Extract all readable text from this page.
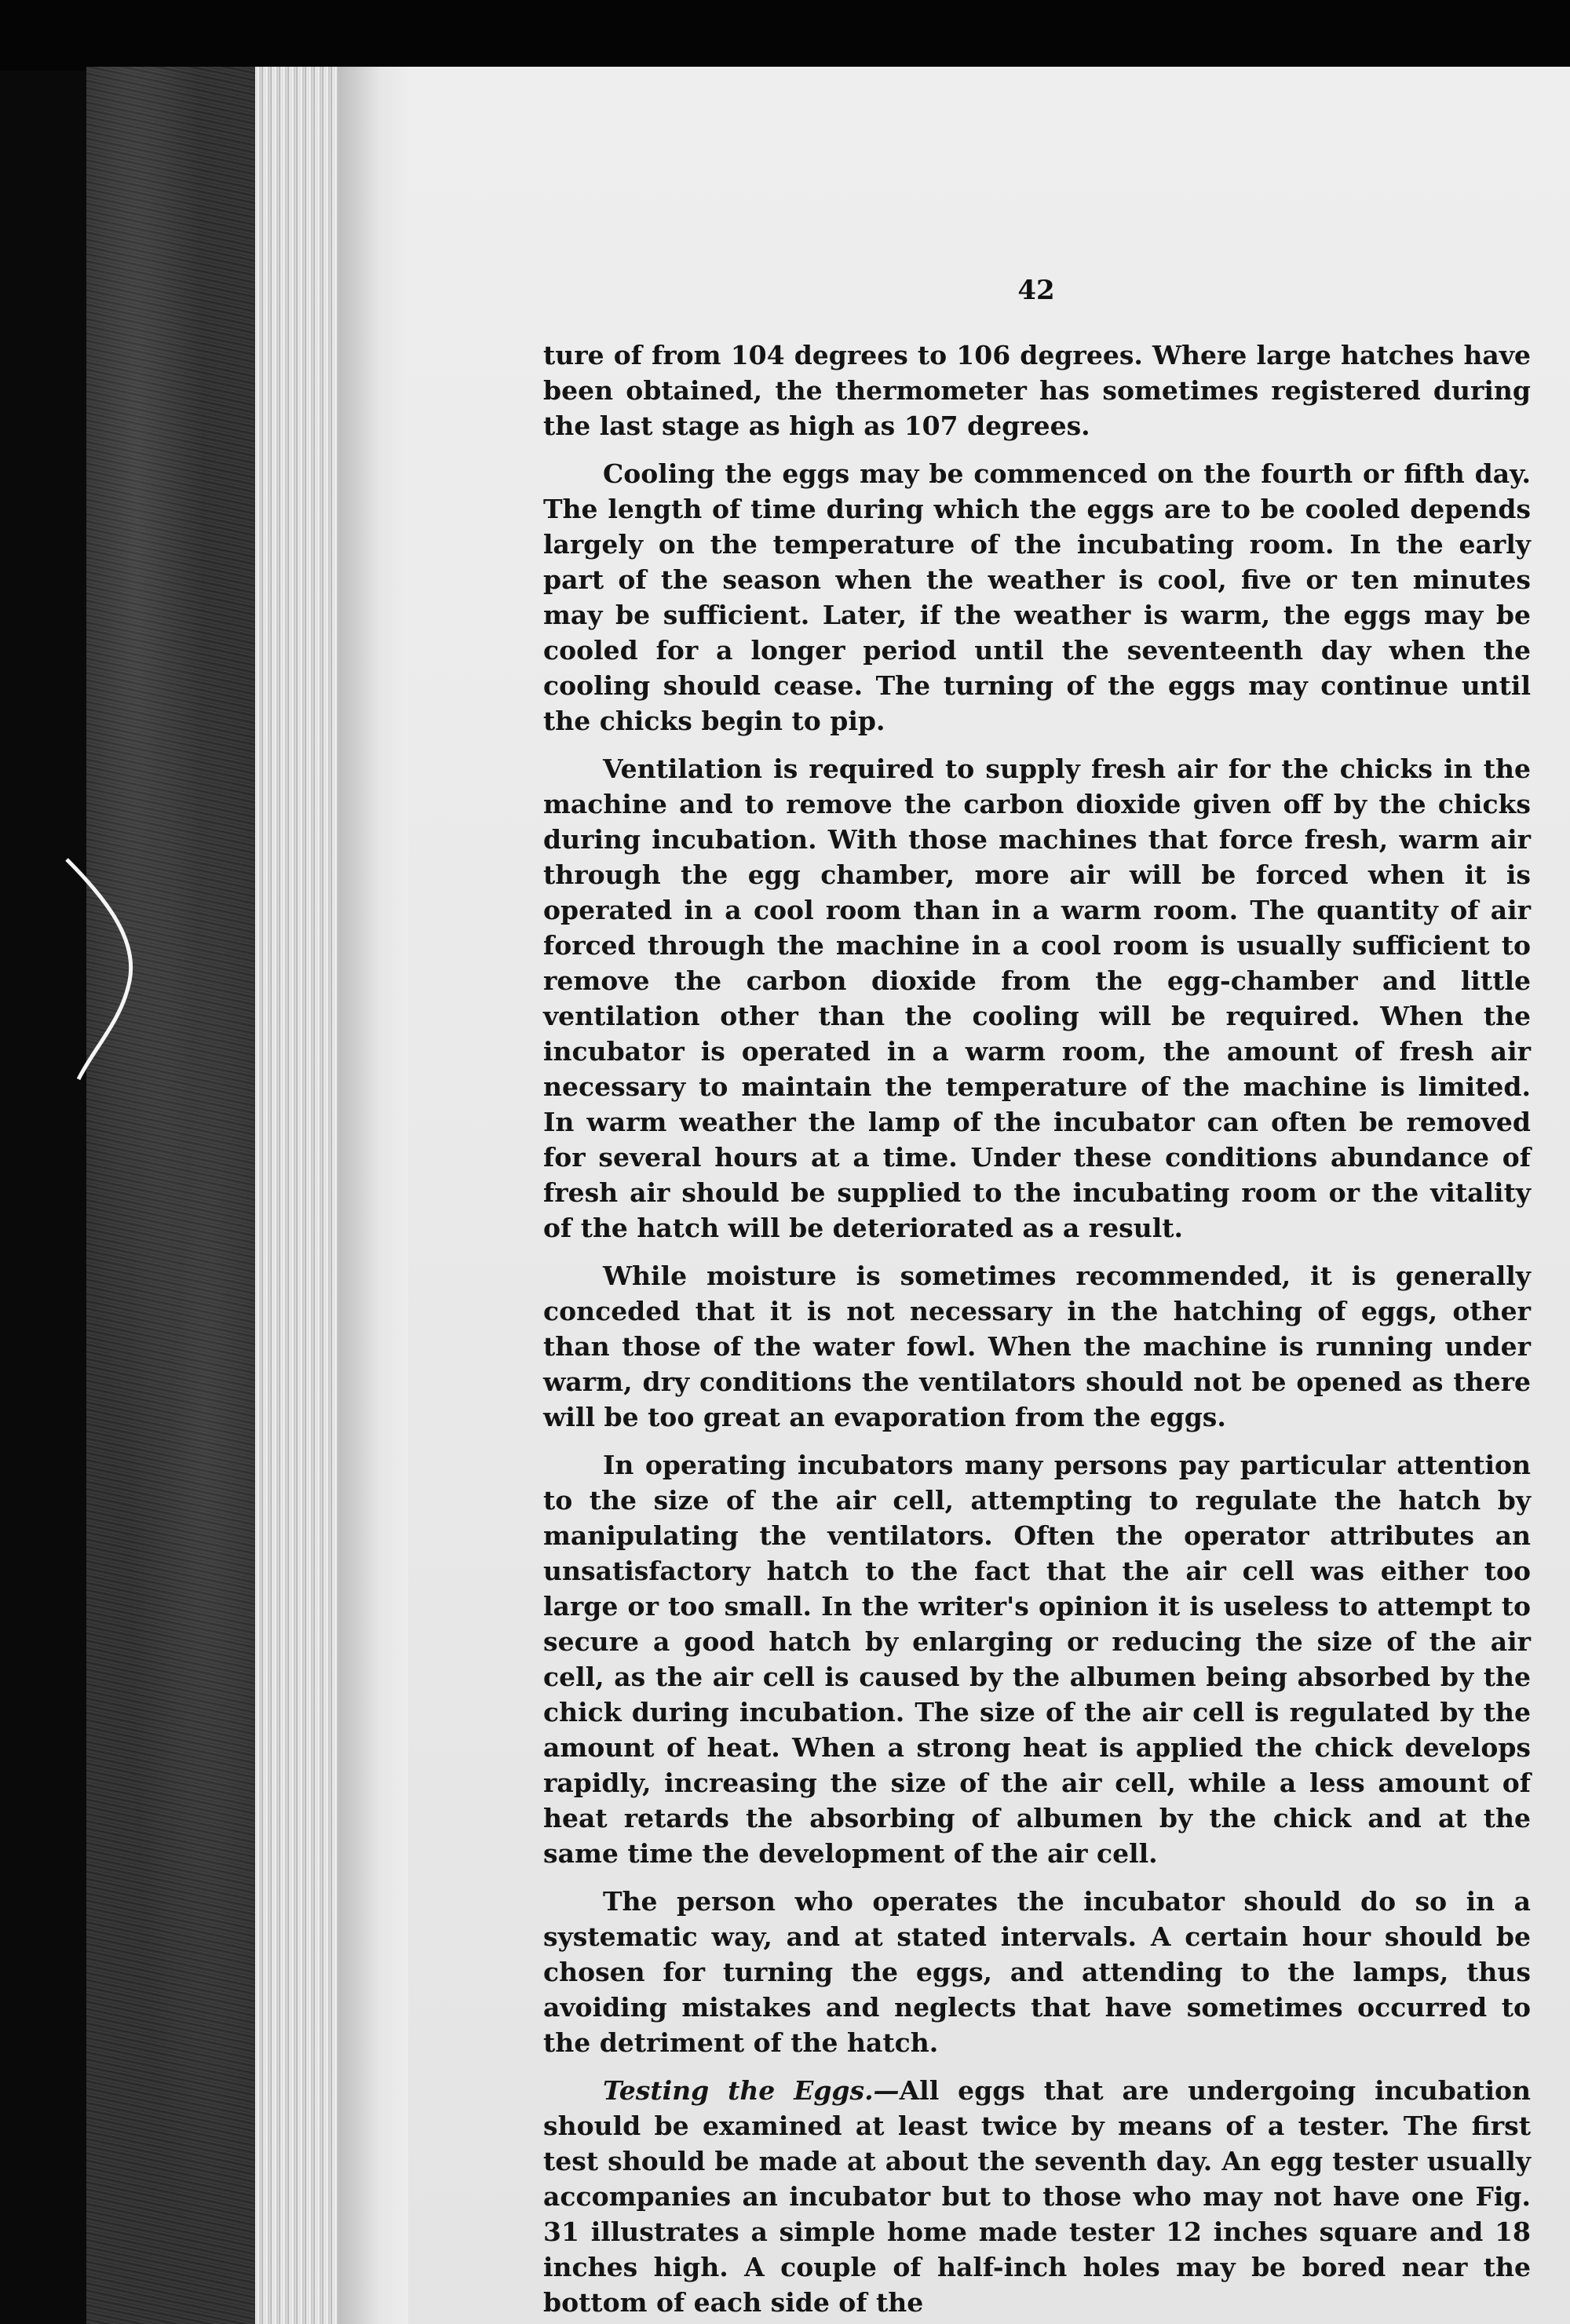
42

ture of from 104 degrees to 106 degrees. Where large hatches have been obtained, the thermometer has sometimes registered during the last stage as high as 107 degrees.

Cooling the eggs may be commenced on the fourth or fifth day. The length of time during which the eggs are to be cooled depends largely on the temperature of the incubating room. In the early part of the season when the weather is cool, five or ten minutes may be sufficient. Later, if the weather is warm, the eggs may be cooled for a longer period until the seventeenth day when the cooling should cease. The turning of the eggs may continue until the chicks begin to pip.

Ventilation is required to supply fresh air for the chicks in the machine and to remove the carbon dioxide given off by the chicks during incubation. With those machines that force fresh, warm air through the egg chamber, more air will be forced when it is operated in a cool room than in a warm room. The quantity of air forced through the machine in a cool room is usually sufficient to remove the carbon dioxide from the egg-chamber and little ventilation other than the cooling will be required. When the incubator is operated in a warm room, the amount of fresh air necessary to maintain the temperature of the machine is limited. In warm weather the lamp of the incubator can often be removed for several hours at a time. Under these conditions abundance of fresh air should be supplied to the incubating room or the vitality of the hatch will be deteriorated as a result.

While moisture is sometimes recommended, it is generally conceded that it is not necessary in the hatching of eggs, other than those of the water fowl. When the machine is running under warm, dry conditions the ventilators should not be opened as there will be too great an evaporation from the eggs.

In operating incubators many persons pay particular attention to the size of the air cell, attempting to regulate the hatch by manipulating the ventilators. Often the operator attributes an unsatisfactory hatch to the fact that the air cell was either too large or too small. In the writer's opinion it is useless to attempt to secure a good hatch by enlarging or reducing the size of the air cell, as the air cell is caused by the albumen being absorbed by the chick during incubation. The size of the air cell is regulated by the amount of heat. When a strong heat is applied the chick develops rapidly, increasing the size of the air cell, while a less amount of heat retards the absorbing of albumen by the chick and at the same time the development of the air cell.

The person who operates the incubator should do so in a systematic way, and at stated intervals. A certain hour should be chosen for turning the eggs, and attending to the lamps, thus avoiding mistakes and neglects that have sometimes occurred to the detriment of the hatch.

Testing the Eggs.—All eggs that are undergoing incubation should be examined at least twice by means of a tester. The first test should be made at about the seventh day. An egg tester usually accompanies an incubator but to those who may not have one Fig. 31 illustrates a simple home made tester 12 inches square and 18 inches high. A couple of half-inch holes may be bored near the bottom of each side of the
